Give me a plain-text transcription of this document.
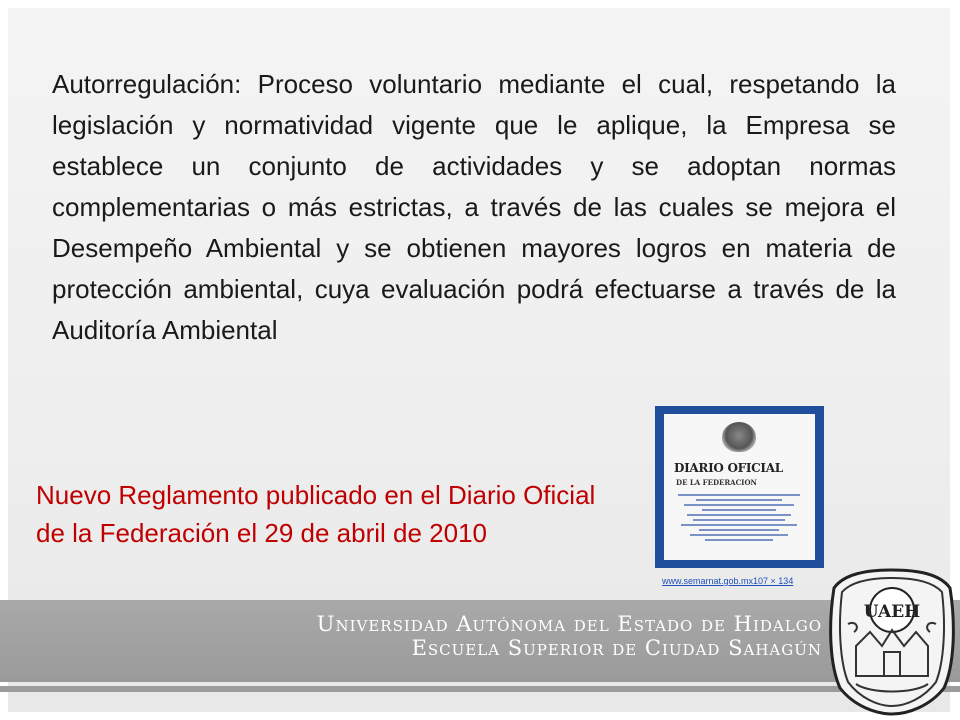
Autorregulación: Proceso voluntario mediante el cual, respetando la legislación y normatividad vigente que le aplique, la Empresa se establece un conjunto de actividades y se adoptan normas complementarias o más estrictas, a través de las cuales se mejora el Desempeño Ambiental y se obtienen mayores logros en materia de protección ambiental, cuya evaluación podrá efectuarse a través de la Auditoría Ambiental

Nuevo Reglamento publicado en el Diario Oficial de la Federación el 29 de abril de 2010

DIARIO OFICIAL
DE LA FEDERACION
www.semarnat.gob.mx107 × 134
Universidad Autónoma del Estado de Hidalgo
Escuela Superior de Ciudad Sahagún
UAEH
